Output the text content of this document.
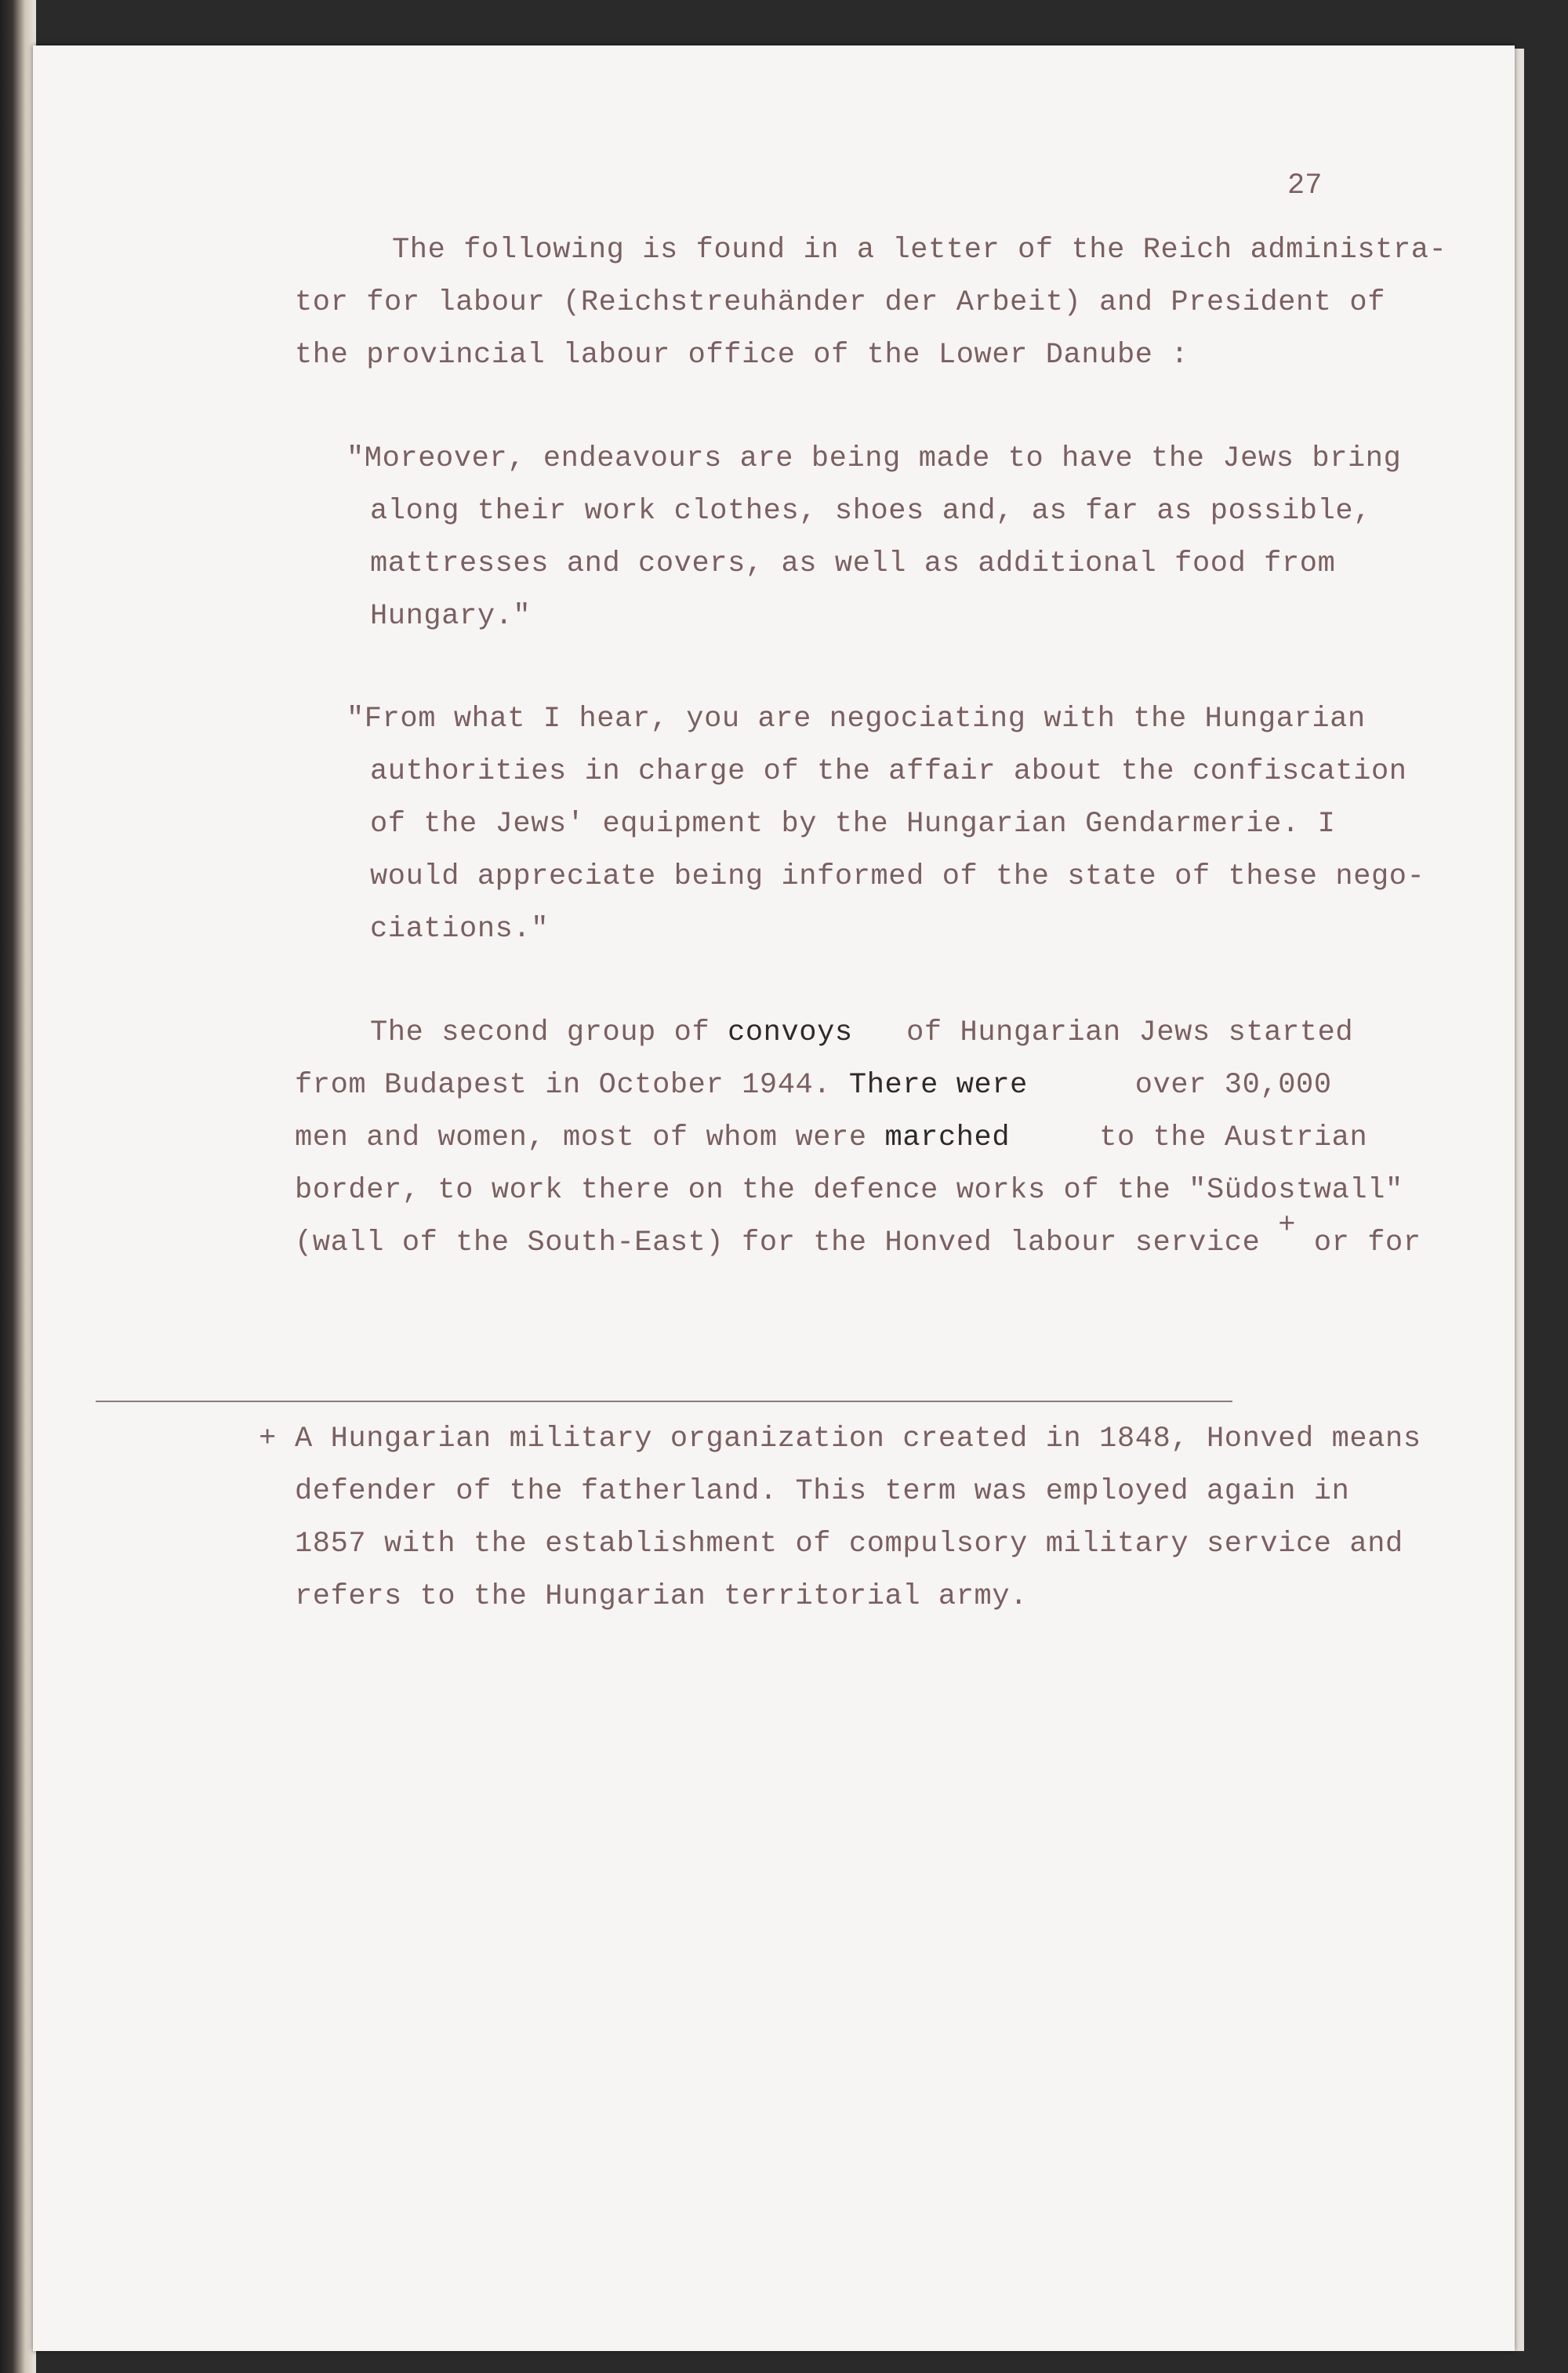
27
The following is found in a letter of the Reich administra-
tor for labour (Reichstreuhänder der Arbeit) and President of
the provincial labour office of the Lower Danube :
"Moreover, endeavours are being made to have the Jews bring
along their work clothes, shoes and, as far as possible,
mattresses and covers, as well as additional food from
Hungary."
"From what I hear, you are negociating with the Hungarian
authorities in charge of the affair about the confiscation
of the Jews' equipment by the Hungarian Gendarmerie. I
would appreciate being informed of the state of these nego-
ciations."
The second group of convoys   of Hungarian Jews started
from Budapest in October 1944. There were      over 30,000
men and women, most of whom were marched     to the Austrian
border, to work there on the defence works of the "Südostwall"
(wall of the South-East) for the Honved labour service + or for
+ A Hungarian military organization created in 1848, Honved means
defender of the fatherland. This term was employed again in
1857 with the establishment of compulsory military service and
refers to the Hungarian territorial army.
